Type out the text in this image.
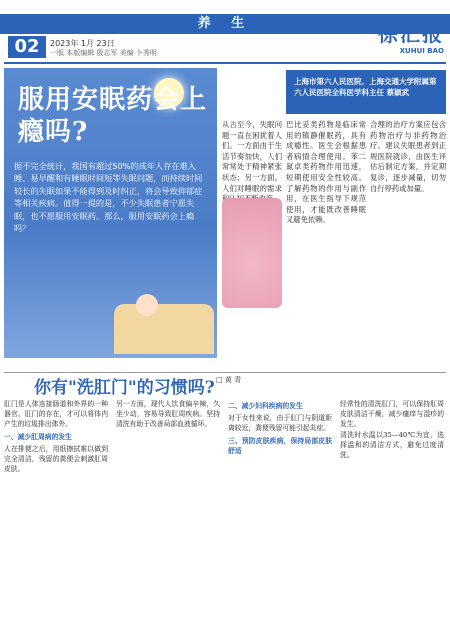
02
养 生
2023年 1月 23日
一版 本版编辑 殷志军 美编 卜秀明
徐汇报
XUHUI BAO
服用安眠药会上瘾吗?
据不完全统计，我国有超过50%的成年人存在难入睡、易早醒和有睡眠时间短等失眠问题，而持续时间较长的失眠如果不能得到及时纠正，将会导致抑郁症等相关疾病。值得一提的是，不少失眠患者宁愿失眠，也不愿服用安眠药。那么，服用安眠药会上瘾吗？
上海市第六人民医院、上海交通大学附属第六人民医院全科医学科主任 蔡颖武
从古至今，失眠问题一直在困扰着人们。一方面由于生活节奏加快，人们常常处于精神紧张状态；另一方面，人们对睡眠的需求
巴比妥类药物是临床常用的镇静催眠药，具有成瘾性。医生会根据患者病情合理使用。苯二氮卓类药物作用迅速，短期使用安全性较高。了解药物的作用与副作用，在医生指导下规范使用，才能既改善睡眠又避免依赖。
合理的治疗方案应包含药物治疗与非药物治疗。建议失眠患者到正规医院就诊，由医生评估后制定方案，并定期复诊，逐步减量，切勿自行停药或加量。
你有"洗肛门"的习惯吗? □ 黄 青

肛门是人体连接肠道和外界的一种器官。肛门的存在，才可以将体内产生的垃圾排出体外。

一、减少肛周病的发生

人在排便之后，用纸擦拭难以做到完全清洁，残留的粪便会刺激肛周皮肤。

另一方面，现代人饮食偏辛辣，久坐少动，容易导致肛周疾病。坚持清洗有助于改善局部血液循环。

二、减少妇科疾病的发生

对于女性来说，由于肛门与阴道距离较近，粪便残留可能引起炎症。

三、预防皮肤疾病，保持局部皮肤舒适

经常性的清洗肛门，可以保持肛周皮肤清洁干燥，减少瘙痒与湿疹的发生。

清洗时水温以35—40℃为宜，选择温和的清洁方式，避免过度清洗。
